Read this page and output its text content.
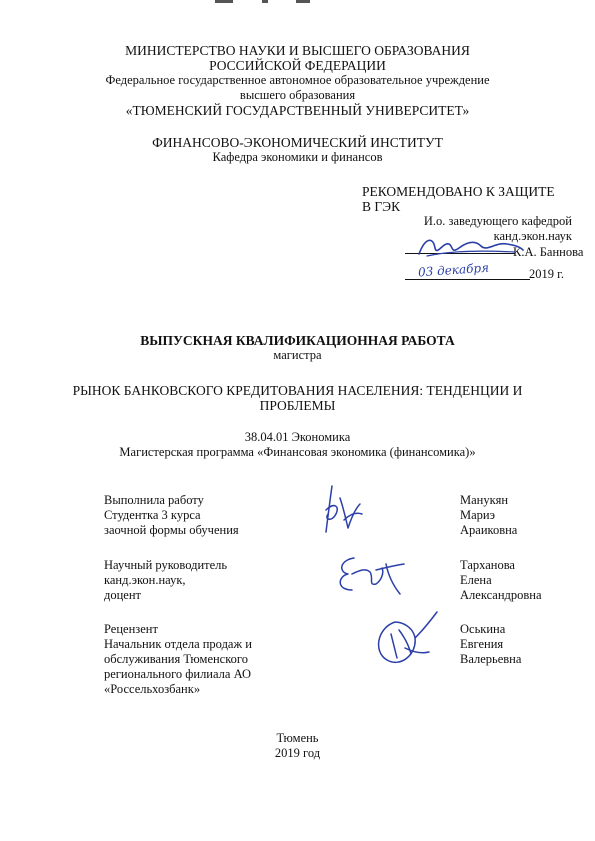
МИНИСТЕРСТВО НАУКИ И ВЫСШЕГО ОБРАЗОВАНИЯ
РОССИЙСКОЙ ФЕДЕРАЦИИ
Федеральное государственное автономное образовательное учреждение
высшего образования
«ТЮМЕНСКИЙ ГОСУДАРСТВЕННЫЙ УНИВЕРСИТЕТ»
ФИНАНСОВО-ЭКОНОМИЧЕСКИЙ ИНСТИТУТ
Кафедра экономики и финансов
РЕКОМЕНДОВАНО К ЗАЩИТЕ
В ГЭК
И.о. заведующего кафедрой
канд.экон.наук
К.А. Баннова
03 декабря	2019 г.
ВЫПУСКНАЯ КВАЛИФИКАЦИОННАЯ РАБОТА
магистра
РЫНОК БАНКОВСКОГО КРЕДИТОВАНИЯ НАСЕЛЕНИЯ: ТЕНДЕНЦИИ И
ПРОБЛЕМЫ
38.04.01 Экономика
Магистерская программа «Финансовая экономика (финансомика)»
Выполнила работу
Студентка 3 курса
заочной формы обучения
Манукян
Мариэ
Араиковна
Научный руководитель
канд.экон.наук,
доцент
Тарханова
Елена
Александровна
Рецензент
Начальник отдела продаж и
обслуживания Тюменского
регионального филиала АО
«Россельхозбанк»
Оськина
Евгения
Валерьевна
Тюмень
2019 год
